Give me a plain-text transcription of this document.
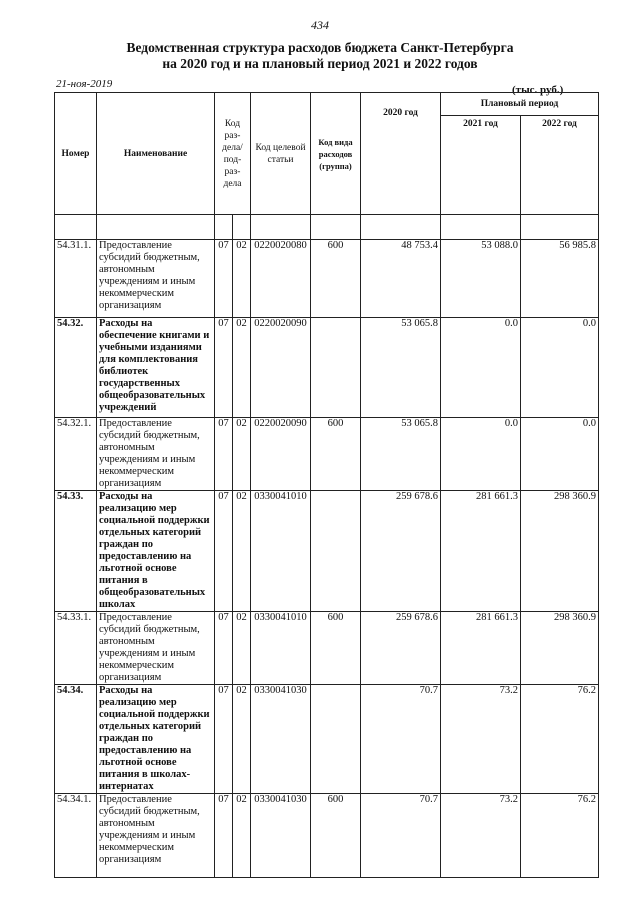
434
Ведомственная структура расходов бюджета Санкт-Петербурга
на 2020 год и на плановый период 2021 и 2022 годов
21-ноя-2019	(тыс. руб.)
Номер	Наименование	Код раз-дела/ под-раз-дела		Код целевой статьи	Код вида расходов (группа)	2020 год	Плановый период	
							2021 год	2022 год

54.31.1.	Предоставление субсидий бюджетным, автономным учреждениям и иным некоммерческим организациям	07	02	0220020080	600	48 753.4	53 088.0	56 985.8
54.32.	Расходы на обеспечение книгами и учебными изданиями для комплектования библиотек государственных общеобразовательных учреждений	07	02	0220020090		53 065.8	0.0	0.0
54.32.1.	Предоставление субсидий бюджетным, автономным учреждениям и иным некоммерческим организациям	07	02	0220020090	600	53 065.8	0.0	0.0
54.33.	Расходы на реализацию мер социальной поддержки отдельных категорий граждан по предоставлению на льготной основе питания в общеобразовательных школах	07	02	0330041010		259 678.6	281 661.3	298 360.9
54.33.1.	Предоставление субсидий бюджетным, автономным учреждениям и иным некоммерческим организациям	07	02	0330041010	600	259 678.6	281 661.3	298 360.9
54.34.	Расходы на реализацию мер социальной поддержки отдельных категорий граждан по предоставлению на льготной основе питания в школах-интернатах	07	02	0330041030		70.7	73.2	76.2
54.34.1.	Предоставление субсидий бюджетным, автономным учреждениям и иным некоммерческим организациям	07	02	0330041030	600	70.7	73.2	76.2
